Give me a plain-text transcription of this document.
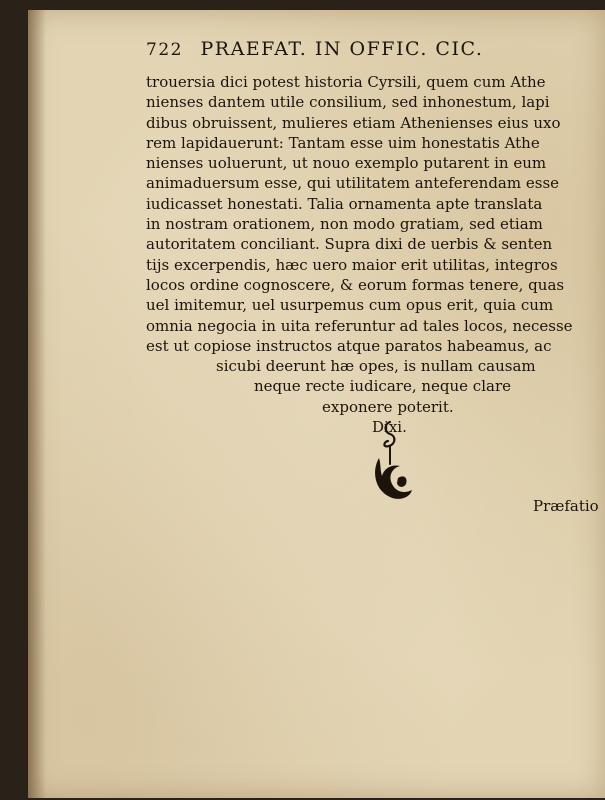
722 PRAEFAT. IN OFFIC. CIC.
trouersia dici potest historia Cyrsili, quem cum Athe
nienses dantem utile consilium, sed inhonestum, lapi
dibus obruissent, mulieres etiam Athenienses eius uxo
rem lapidauerunt: Tantam esse uim honestatis Athe
nienses uoluerunt, ut nouo exemplo putarent in eum
animaduersum esse, qui utilitatem anteferendam esse
iudicasset honestati. Talia ornamenta apte translata
in nostram orationem, non modo gratiam, sed etiam
autoritatem conciliant. Supra dixi de uerbis & senten
tijs excerpendis, hæc uero maior erit utilitas, integros
locos ordine cognoscere, & eorum formas tenere, quas
uel imitemur, uel usurpemus cum opus erit, quia cum
omnia negocia in uita referuntur ad tales locos, necesse
est ut copiose instructos atque paratos habeamus, ac
sicubi deerunt hæ opes, is nullam causam
neque recte iudicare, neque clare
exponere poterit.
Dixi.
Præfatio
